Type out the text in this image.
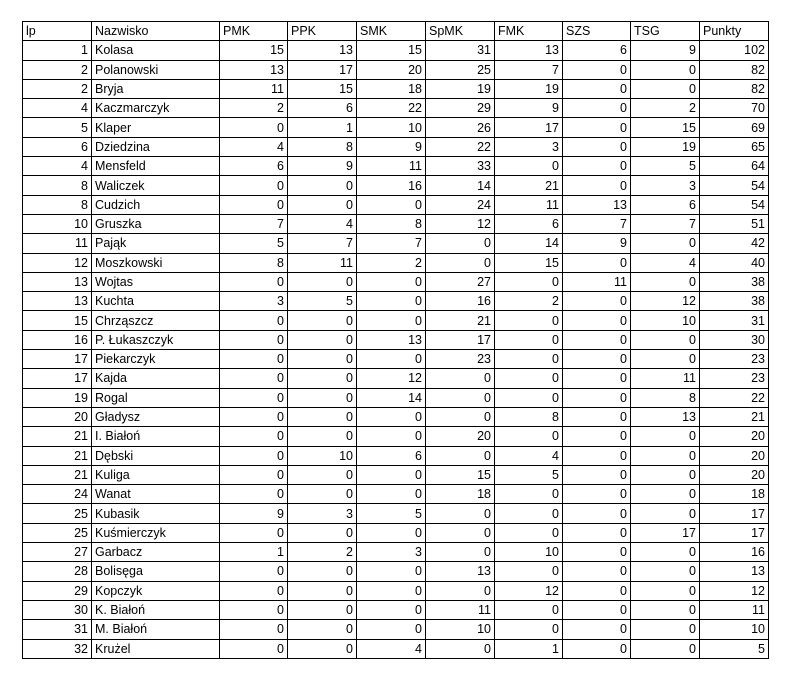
lp	Nazwisko	PMK	PPK	SMK	SpMK	FMK	SZS	TSG	Punkty
1	Kolasa	15	13	15	31	13	6	9	102
2	Polanowski	13	17	20	25	7	0	0	82
2	Bryja	11	15	18	19	19	0	0	82
4	Kaczmarczyk	2	6	22	29	9	0	2	70
5	Klaper	0	1	10	26	17	0	15	69
6	Dziedzina	4	8	9	22	3	0	19	65
4	Mensfeld	6	9	11	33	0	0	5	64
8	Waliczek	0	0	16	14	21	0	3	54
8	Cudzich	0	0	0	24	11	13	6	54
10	Gruszka	7	4	8	12	6	7	7	51
11	Pająk	5	7	7	0	14	9	0	42
12	Moszkowski	8	11	2	0	15	0	4	40
13	Wojtas	0	0	0	27	0	11	0	38
13	Kuchta	3	5	0	16	2	0	12	38
15	Chrząszcz	0	0	0	21	0	0	10	31
16	P. Łukaszczyk	0	0	13	17	0	0	0	30
17	Piekarczyk	0	0	0	23	0	0	0	23
17	Kajda	0	0	12	0	0	0	11	23
19	Rogal	0	0	14	0	0	0	8	22
20	Gładysz	0	0	0	0	8	0	13	21
21	I. Białoń	0	0	0	20	0	0	0	20
21	Dębski	0	10	6	0	4	0	0	20
21	Kuliga	0	0	0	15	5	0	0	20
24	Wanat	0	0	0	18	0	0	0	18
25	Kubasik	9	3	5	0	0	0	0	17
25	Kuśmierczyk	0	0	0	0	0	0	17	17
27	Garbacz	1	2	3	0	10	0	0	16
28	Bolisęga	0	0	0	13	0	0	0	13
29	Kopczyk	0	0	0	0	12	0	0	12
30	K. Białoń	0	0	0	11	0	0	0	11
31	M. Białoń	0	0	0	10	0	0	0	10
32	Krużel	0	0	4	0	1	0	0	5
